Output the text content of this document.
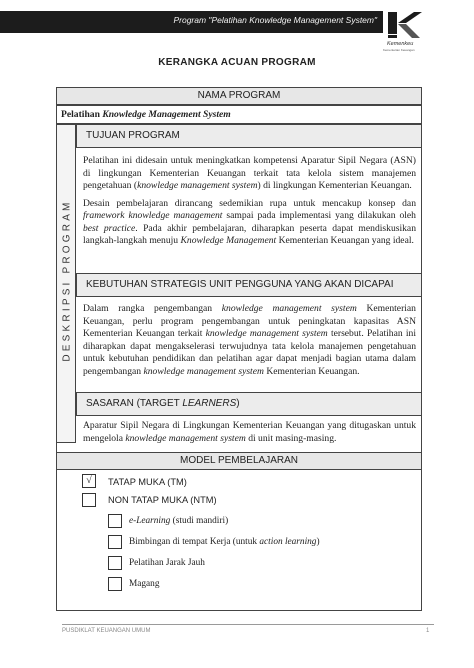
Program "Pelatihan Knowledge Management System"
Kemenkeu
Kementerian Keuangan
KERANGKA ACUAN PROGRAM
NAMA PROGRAM
Pelatihan Knowledge Management System
DESKRIPSI PROGRAM
TUJUAN PROGRAM

Pelatihan ini didesain untuk meningkatkan kompetensi Aparatur Sipil Negara (ASN) di lingkungan Kementerian Keuangan terkait tata kelola sistem manajemen pengetahuan (knowledge management system) di lingkungan Kementerian Keuangan.

Desain pembelajaran dirancang sedemikian rupa untuk mencakup konsep dan framework knowledge management sampai pada implementasi yang dilakukan oleh best practice. Pada akhir pembelajaran, diharapkan peserta dapat mendiskusikan langkah-langkah menuju Knowledge Management Kementerian Keuangan yang ideal.

KEBUTUHAN STRATEGIS UNIT PENGGUNA YANG AKAN DICAPAI

Dalam rangka pengembangan knowledge management system Kementerian Keuangan, perlu program pengembangan untuk peningkatan kapasitas ASN Kementerian Keuangan terkait knowledge management system tersebut. Pelatihan ini diharapkan dapat mengakselerasi terwujudnya tata kelola manajemen pengetahuan untuk kebutuhan pendidikan dan pelatihan agar dapat menjadi bagian utama dalam pengembangan knowledge management system Kementerian Keuangan.

SASARAN (TARGET LEARNERS)

Aparatur Sipil Negara di Lingkungan Kementerian Keuangan yang ditugaskan untuk mengelola knowledge management system di unit masing-masing.

MODEL PEMBELAJARAN
√	TATAP MUKA (TM)
NON TATAP MUKA (NTM)
e-Learning (studi mandiri)
Bimbingan di tempat Kerja (untuk action learning)
Pelatihan Jarak Jauh
Magang
PUSDIKLAT KEUANGAN UMUM	1
